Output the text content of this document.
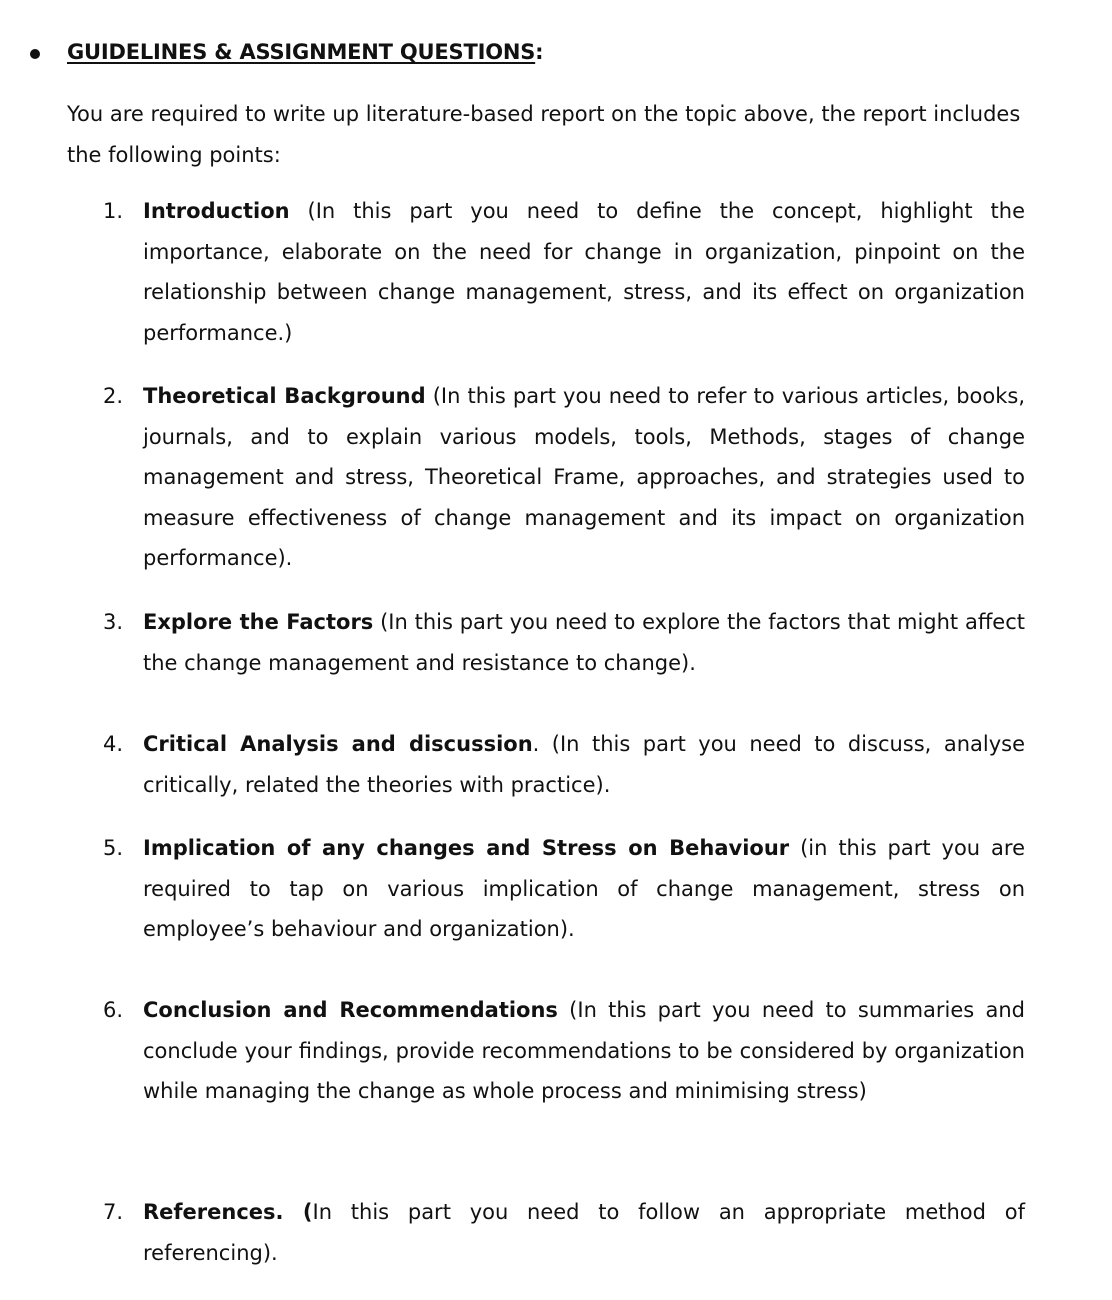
GUIDELINES & ASSIGNMENT QUESTIONS:

You are required to write up literature-based report on the topic above, the report includes the following points:

1. Introduction (In this part you need to define the concept, highlight the importance, elaborate on the need for change in organization, pinpoint on the relationship between change management, stress, and its effect on organization performance.)
2. Theoretical Background (In this part you need to refer to various articles, books, journals, and to explain various models, tools, Methods, stages of change management and stress, Theoretical Frame, approaches, and strategies used to measure effectiveness of change management and its impact on organization performance).
3. Explore the Factors (In this part you need to explore the factors that might affect the change management and resistance to change).
4. Critical Analysis and discussion. (In this part you need to discuss, analyse critically, related the theories with practice).
5. Implication of any changes and Stress on Behaviour (in this part you are required to tap on various implication of change management, stress on employee’s behaviour and organization).
6. Conclusion and Recommendations (In this part you need to summaries and conclude your findings, provide recommendations to be considered by organization while managing the change as whole process and minimising stress)
7. References. (In this part you need to follow an appropriate method of referencing).
